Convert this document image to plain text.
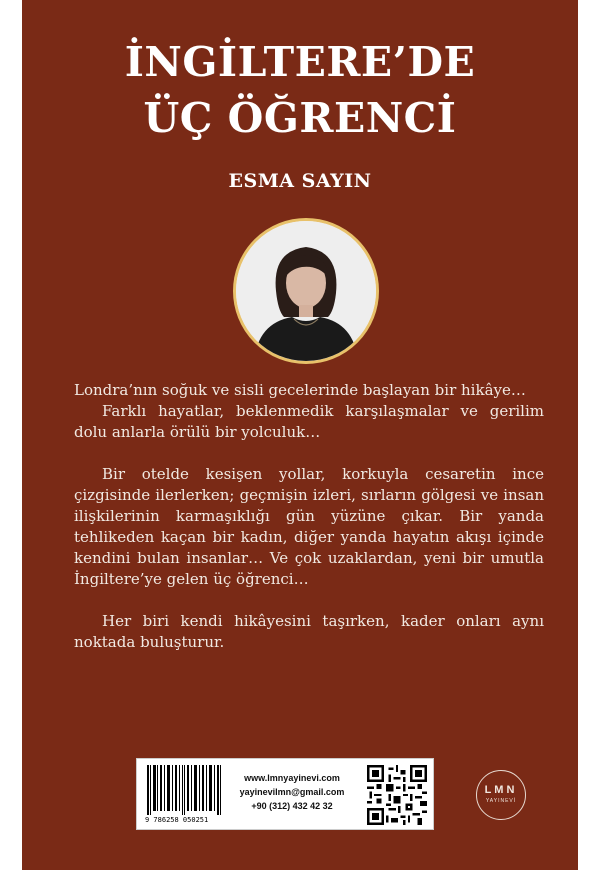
İNGİLTERE’DE
ÜÇ ÖĞRENCİ
ESMA SAYIN

Londra’nın soğuk ve sisli gecelerinde başlayan bir hikâye…

Farklı hayatlar, beklenmedik karşılaşmalar ve gerilim dolu anlarla örülü bir yolculuk…

Bir otelde kesişen yollar, korkuyla cesaretin ince çizgisinde ilerlerken; geçmişin izleri, sırların gölgesi ve insan ilişkilerinin karmaşıklığı gün yüzüne çıkar. Bir yanda tehlikeden kaçan bir kadın, diğer yanda hayatın akışı içinde kendini bulan insanlar… Ve çok uzaklardan, yeni bir umutla İngiltere’ye gelen üç öğrenci…

Her biri kendi hikâyesini taşırken, kader onları aynı noktada buluşturur.

9 786258 050251
www.lmnyayinevi.com
yayinevilmn@gmail.com
+90 (312) 432 42 32
LMN
YAYINEVİ
